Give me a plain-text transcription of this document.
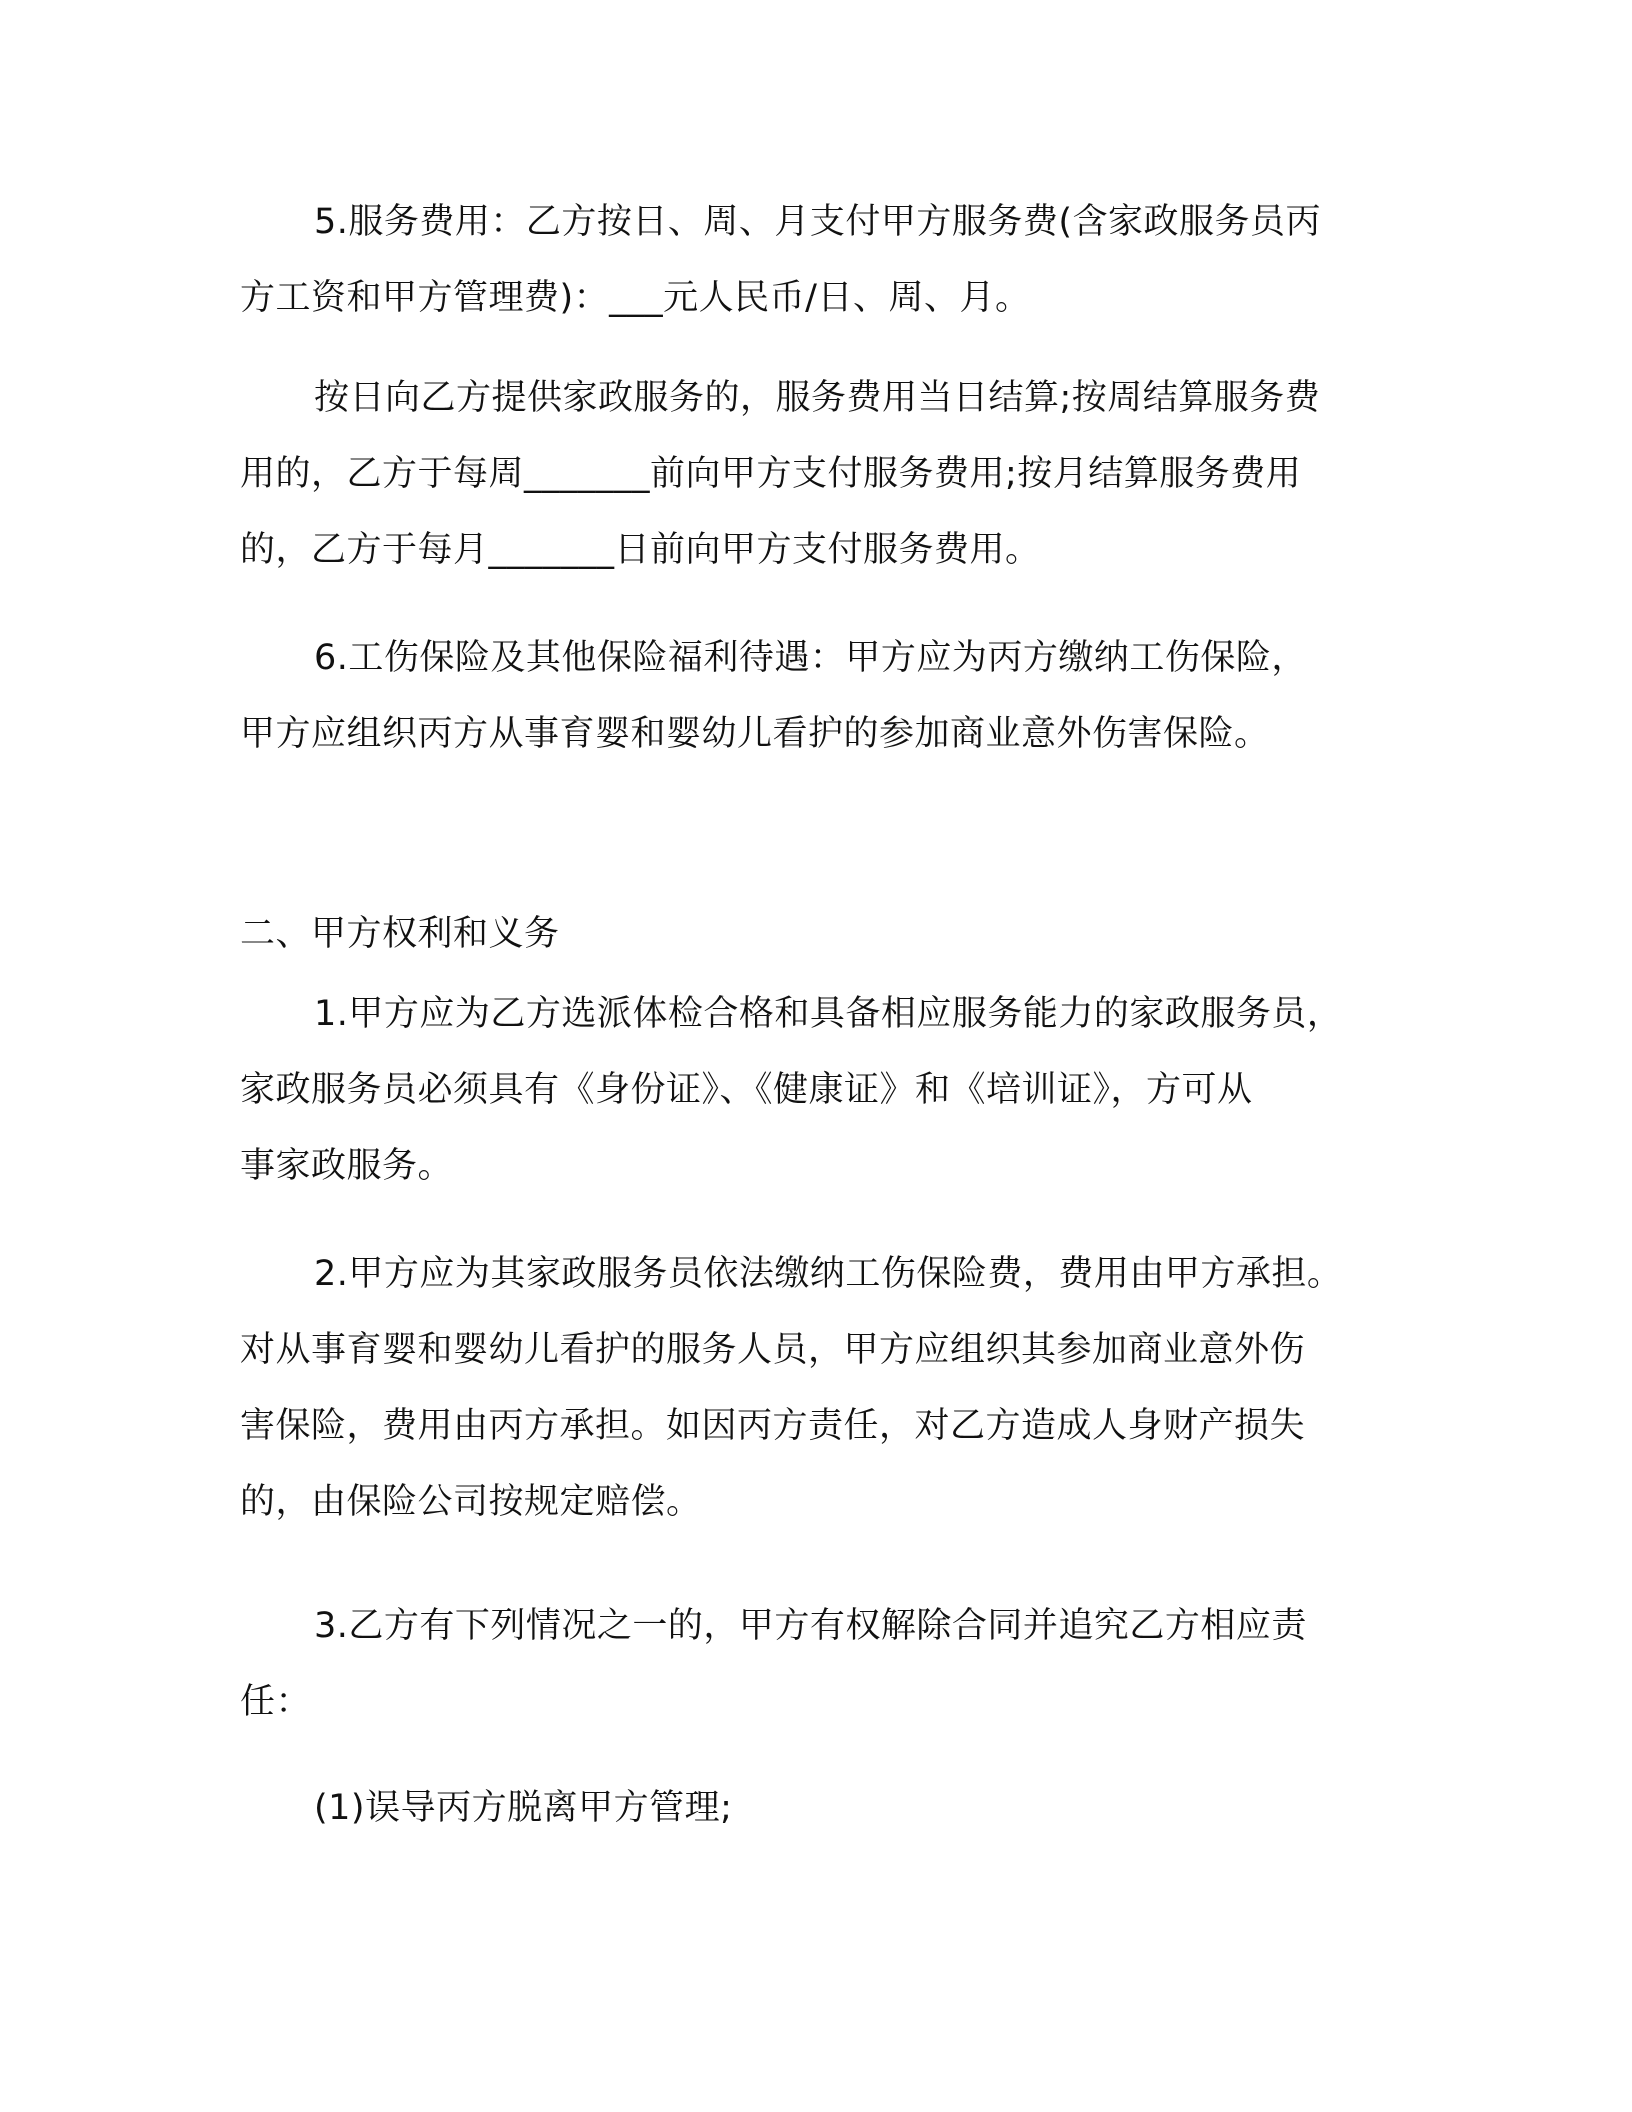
5.服务费用：乙方按日、周、月支付甲方服务费(含家政服务员丙
方工资和甲方管理费)：___元人民币/日、周、月。

按日向乙方提供家政服务的，服务费用当日结算;按周结算服务费
用的，乙方于每周_______前向甲方支付服务费用;按月结算服务费用
的，乙方于每月_______日前向甲方支付服务费用。

6.工伤保险及其他保险福利待遇：甲方应为丙方缴纳工伤保险，
甲方应组织丙方从事育婴和婴幼儿看护的参加商业意外伤害保险。

二、甲方权利和义务

1.甲方应为乙方选派体检合格和具备相应服务能力的家政服务员，
家政服务员必须具有《身份证》、《健康证》和《培训证》，方可从
事家政服务。

2.甲方应为其家政服务员依法缴纳工伤保险费，费用由甲方承担。
对从事育婴和婴幼儿看护的服务人员，甲方应组织其参加商业意外伤
害保险，费用由丙方承担。如因丙方责任，对乙方造成人身财产损失
的，由保险公司按规定赔偿。

3.乙方有下列情况之一的，甲方有权解除合同并追究乙方相应责
任：

(1)误导丙方脱离甲方管理;
